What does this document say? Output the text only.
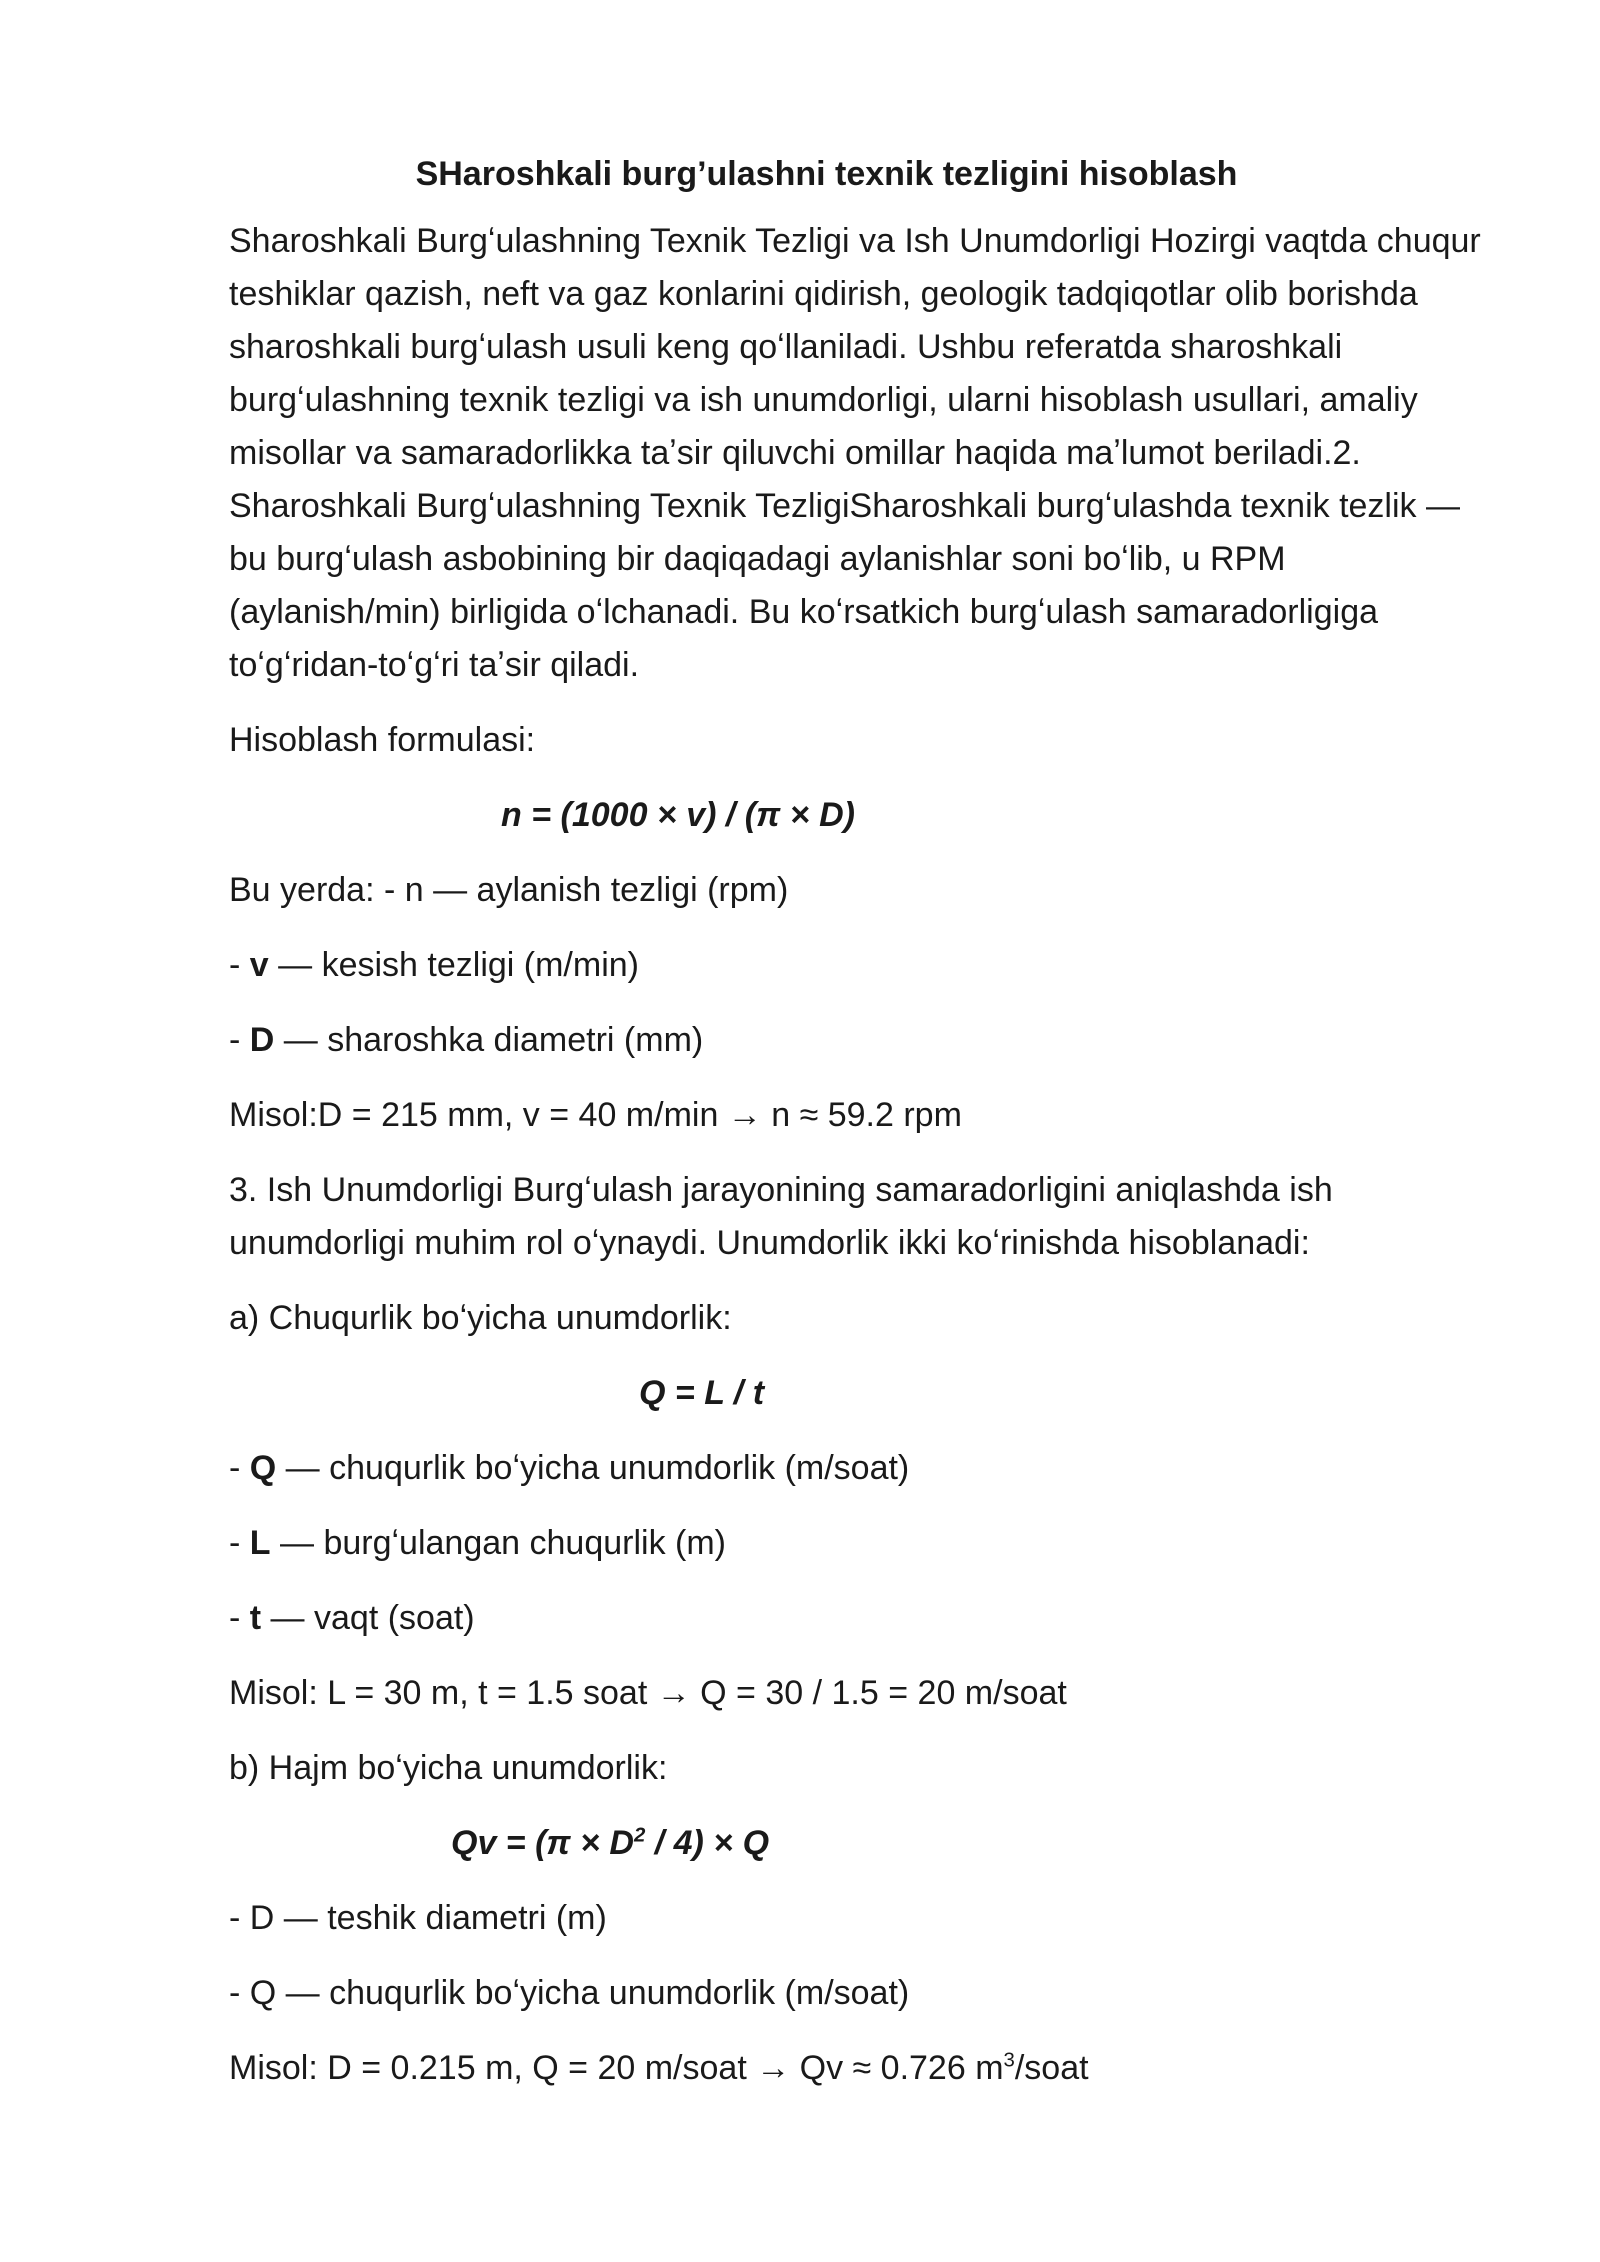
SHaroshkali burg’ulashni texnik tezligini hisoblash

Sharoshkali Burgʻulashning Texnik Tezligi va Ish Unumdorligi Hozirgi vaqtda chuqur teshiklar qazish, neft va gaz konlarini qidirish, geologik tadqiqotlar olib borishda sharoshkali burgʻulash usuli keng qoʻllaniladi. Ushbu referatda sharoshkali burgʻulashning texnik tezligi va ish unumdorligi, ularni hisoblash usullari, amaliy misollar va samaradorlikka taʼsir qiluvchi omillar haqida maʼlumot beriladi.2. Sharoshkali Burgʻulashning Texnik TezligiSharoshkali burgʻulashda texnik tezlik — bu burgʻulash asbobining bir daqiqadagi aylanishlar soni boʻlib, u RPM (aylanish/min) birligida oʻlchanadi. Bu koʻrsatkich burgʻulash samaradorligiga toʻgʻridan-toʻgʻri taʼsir qiladi.

Hisoblash formulasi:

n = (1000 × v) / (π × D)

Bu yerda: - n — aylanish tezligi (rpm)

- v — kesish tezligi (m/min)

- D — sharoshka diametri (mm)

Misol:D = 215 mm, v = 40 m/min → n ≈ 59.2 rpm

3. Ish Unumdorligi Burgʻulash jarayonining samaradorligini aniqlashda ish unumdorligi muhim rol oʻynaydi. Unumdorlik ikki koʻrinishda hisoblanadi:

a) Chuqurlik boʻyicha unumdorlik:

Q = L / t

- Q — chuqurlik boʻyicha unumdorlik (m/soat)

- L — burgʻulangan chuqurlik (m)

- t — vaqt (soat)

Misol: L = 30 m, t = 1.5 soat → Q = 30 / 1.5 = 20 m/soat

b) Hajm boʻyicha unumdorlik:

$Qv = (\pi \times D^2 / 4) \times Q$

- D — teshik diametri (m)

- Q — chuqurlik boʻyicha unumdorlik (m/soat)

Misol: D = 0.215 m, Q = 20 m/soat → Qv ≈ 0.726 $m^3$/soat
